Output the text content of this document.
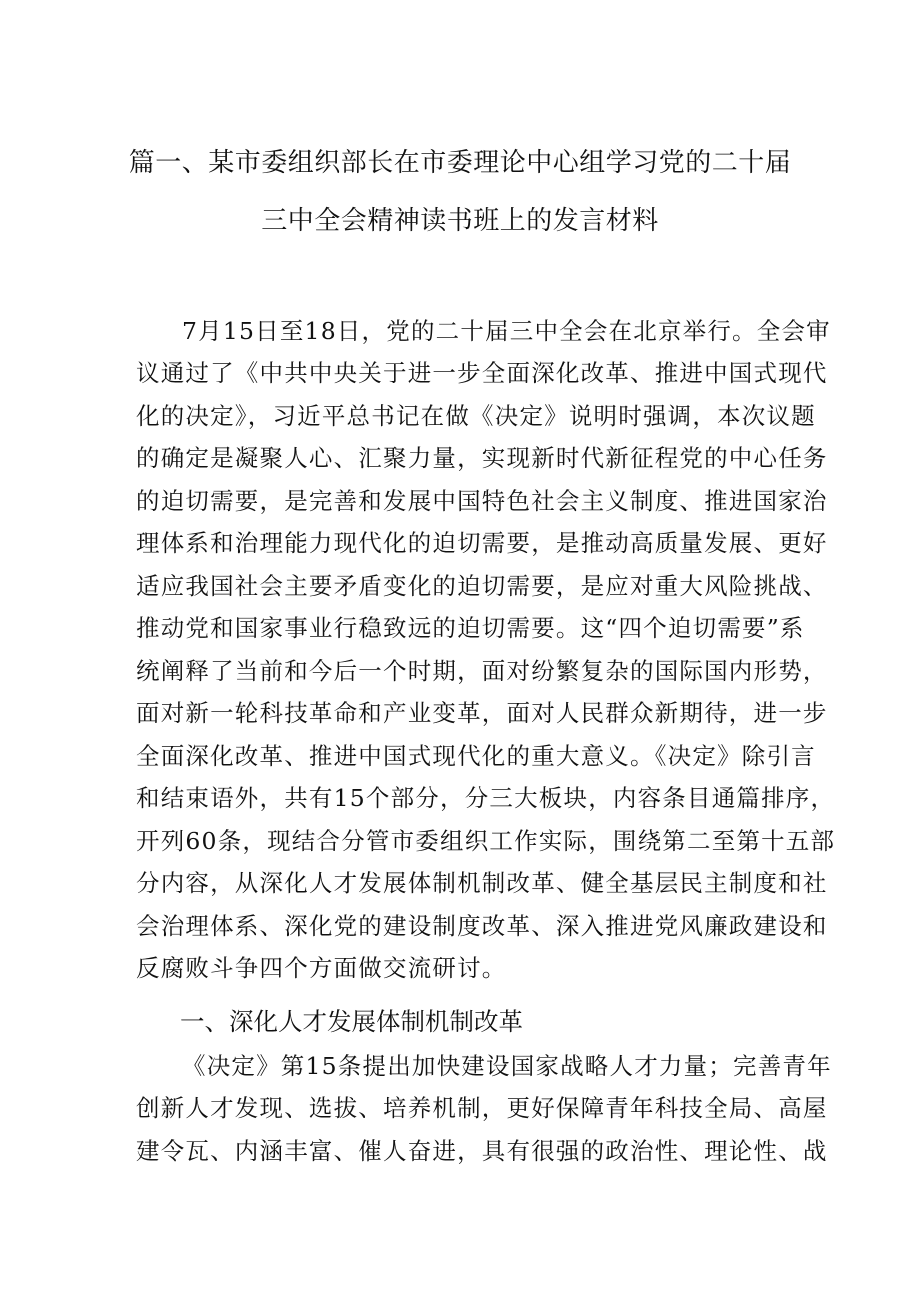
篇一、某市委组织部长在市委理论中心组学习党的二十届
三中全会精神读书班上的发言材料
7月15日至18日，党的二十届三中全会在北京举行。全会审
议通过了《中共中央关于进一步全面深化改革、推进中国式现代
化的决定》，习近平总书记在做《决定》说明时强调，本次议题
的确定是凝聚人心、汇聚力量，实现新时代新征程党的中心任务
的迫切需要，是完善和发展中国特色社会主义制度、推进国家治
理体系和治理能力现代化的迫切需要，是推动高质量发展、更好
适应我国社会主要矛盾变化的迫切需要，是应对重大风险挑战、
推动党和国家事业行稳致远的迫切需要。这“四个迫切需要”系
统阐释了当前和今后一个时期，面对纷繁复杂的国际国内形势，
面对新一轮科技革命和产业变革，面对人民群众新期待，进一步
全面深化改革、推进中国式现代化的重大意义。《决定》除引言
和结束语外，共有15个部分，分三大板块，内容条目通篇排序，
开列60条，现结合分管市委组织工作实际，围绕第二至第十五部
分内容，从深化人才发展体制机制改革、健全基层民主制度和社
会治理体系、深化党的建设制度改革、深入推进党风廉政建设和
反腐败斗争四个方面做交流研讨。
一、深化人才发展体制机制改革
《决定》第15条提出加快建设国家战略人才力量；完善青年
创新人才发现、选拔、培养机制，更好保障青年科技全局、高屋
建令瓦、内涵丰富、催人奋进，具有很强的政治性、理论性、战
